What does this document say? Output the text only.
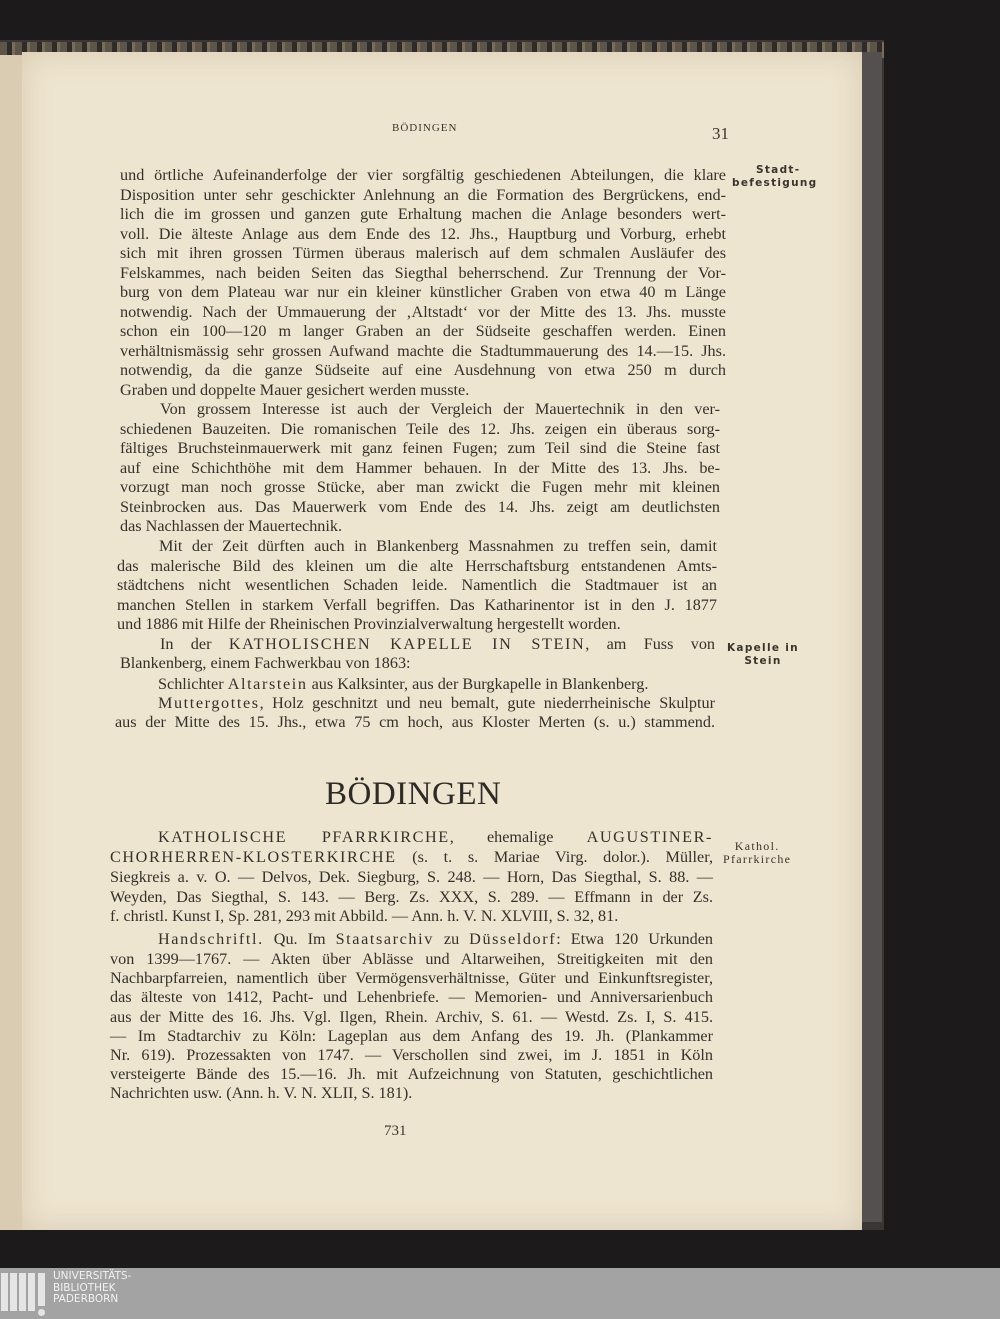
BÖDINGEN	31
und örtliche Aufeinanderfolge der vier sorgfältig geschiedenen Abteilungen, die klare
Disposition unter sehr geschickter Anlehnung an die Formation des Bergrückens, end-
lich die im grossen und ganzen gute Erhaltung machen die Anlage besonders wert-
voll. Die älteste Anlage aus dem Ende des 12. Jhs., Hauptburg und Vorburg, erhebt
sich mit ihren grossen Türmen überaus malerisch auf dem schmalen Ausläufer des
Felskammes, nach beiden Seiten das Siegthal beherrschend. Zur Trennung der Vor-
burg von dem Plateau war nur ein kleiner künstlicher Graben von etwa 40 m Länge
notwendig. Nach der Ummauerung der ‚Altstadt‘ vor der Mitte des 13. Jhs. musste
schon ein 100—120 m langer Graben an der Südseite geschaffen werden. Einen
verhältnismässig sehr grossen Aufwand machte die Stadtummauerung des 14.—15. Jhs.
notwendig, da die ganze Südseite auf eine Ausdehnung von etwa 250 m durch
Graben und doppelte Mauer gesichert werden musste.
Von grossem Interesse ist auch der Vergleich der Mauertechnik in den ver-
schiedenen Bauzeiten. Die romanischen Teile des 12. Jhs. zeigen ein überaus sorg-
fältiges Bruchsteinmauerwerk mit ganz feinen Fugen; zum Teil sind die Steine fast
auf eine Schichthöhe mit dem Hammer behauen. In der Mitte des 13. Jhs. be-
vorzugt man noch grosse Stücke, aber man zwickt die Fugen mehr mit kleinen
Steinbrocken aus. Das Mauerwerk vom Ende des 14. Jhs. zeigt am deutlichsten
das Nachlassen der Mauertechnik.
Mit der Zeit dürften auch in Blankenberg Massnahmen zu treffen sein, damit
das malerische Bild des kleinen um die alte Herrschaftsburg entstandenen Amts-
städtchens nicht wesentlichen Schaden leide. Namentlich die Stadtmauer ist an
manchen Stellen in starkem Verfall begriffen. Das Katharinentor ist in den J. 1877
und 1886 mit Hilfe der Rheinischen Provinzialverwaltung hergestellt worden.
In der KATHOLISCHEN KAPELLE IN STEIN, am Fuss von
Blankenberg, einem Fachwerkbau von 1863:
Schlichter Altarstein aus Kalksinter, aus der Burgkapelle in Blankenberg.
Muttergottes, Holz geschnitzt und neu bemalt, gute niederrheinische Skulptur
aus der Mitte des 15. Jhs., etwa 75 cm hoch, aus Kloster Merten (s. u.) stammend.
BÖDINGEN
KATHOLISCHE PFARRKIRCHE, ehemalige AUGUSTINER-
CHORHERREN-KLOSTERKIRCHE (s. t. s. Mariae Virg. dolor.). Müller,
Siegkreis a. v. O. — Delvos, Dek. Siegburg, S. 248. — Horn, Das Siegthal, S. 88. —
Weyden, Das Siegthal, S. 143. — Berg. Zs. XXX, S. 289. — Effmann in der Zs.
f. christl. Kunst I, Sp. 281, 293 mit Abbild. — Ann. h. V. N. XLVIII, S. 32, 81.
Handschriftl. Qu. Im Staatsarchiv zu Düsseldorf: Etwa 120 Urkunden
von 1399—1767. — Akten über Ablässe und Altarweihen, Streitigkeiten mit den
Nachbarpfarreien, namentlich über Vermögensverhältnisse, Güter und Einkunftsregister,
das älteste von 1412, Pacht- und Lehenbriefe. — Memorien- und Anniversarienbuch
aus der Mitte des 16. Jhs. Vgl. Ilgen, Rhein. Archiv, S. 61. — Westd. Zs. I, S. 415.
— Im Stadtarchiv zu Köln: Lageplan aus dem Anfang des 19. Jh. (Plankammer
Nr. 619). Prozessakten von 1747. — Verschollen sind zwei, im J. 1851 in Köln
versteigerte Bände des 15.—16. Jh. mit Aufzeichnung von Statuten, geschichtlichen
Nachrichten usw. (Ann. h. V. N. XLII, S. 181).
Stadt-
befestigung
Kapelle in
Stein
Kathol.
Pfarrkirche
731
UNIVERSITÄTS-
BIBLIOTHEK
PADERBORN
